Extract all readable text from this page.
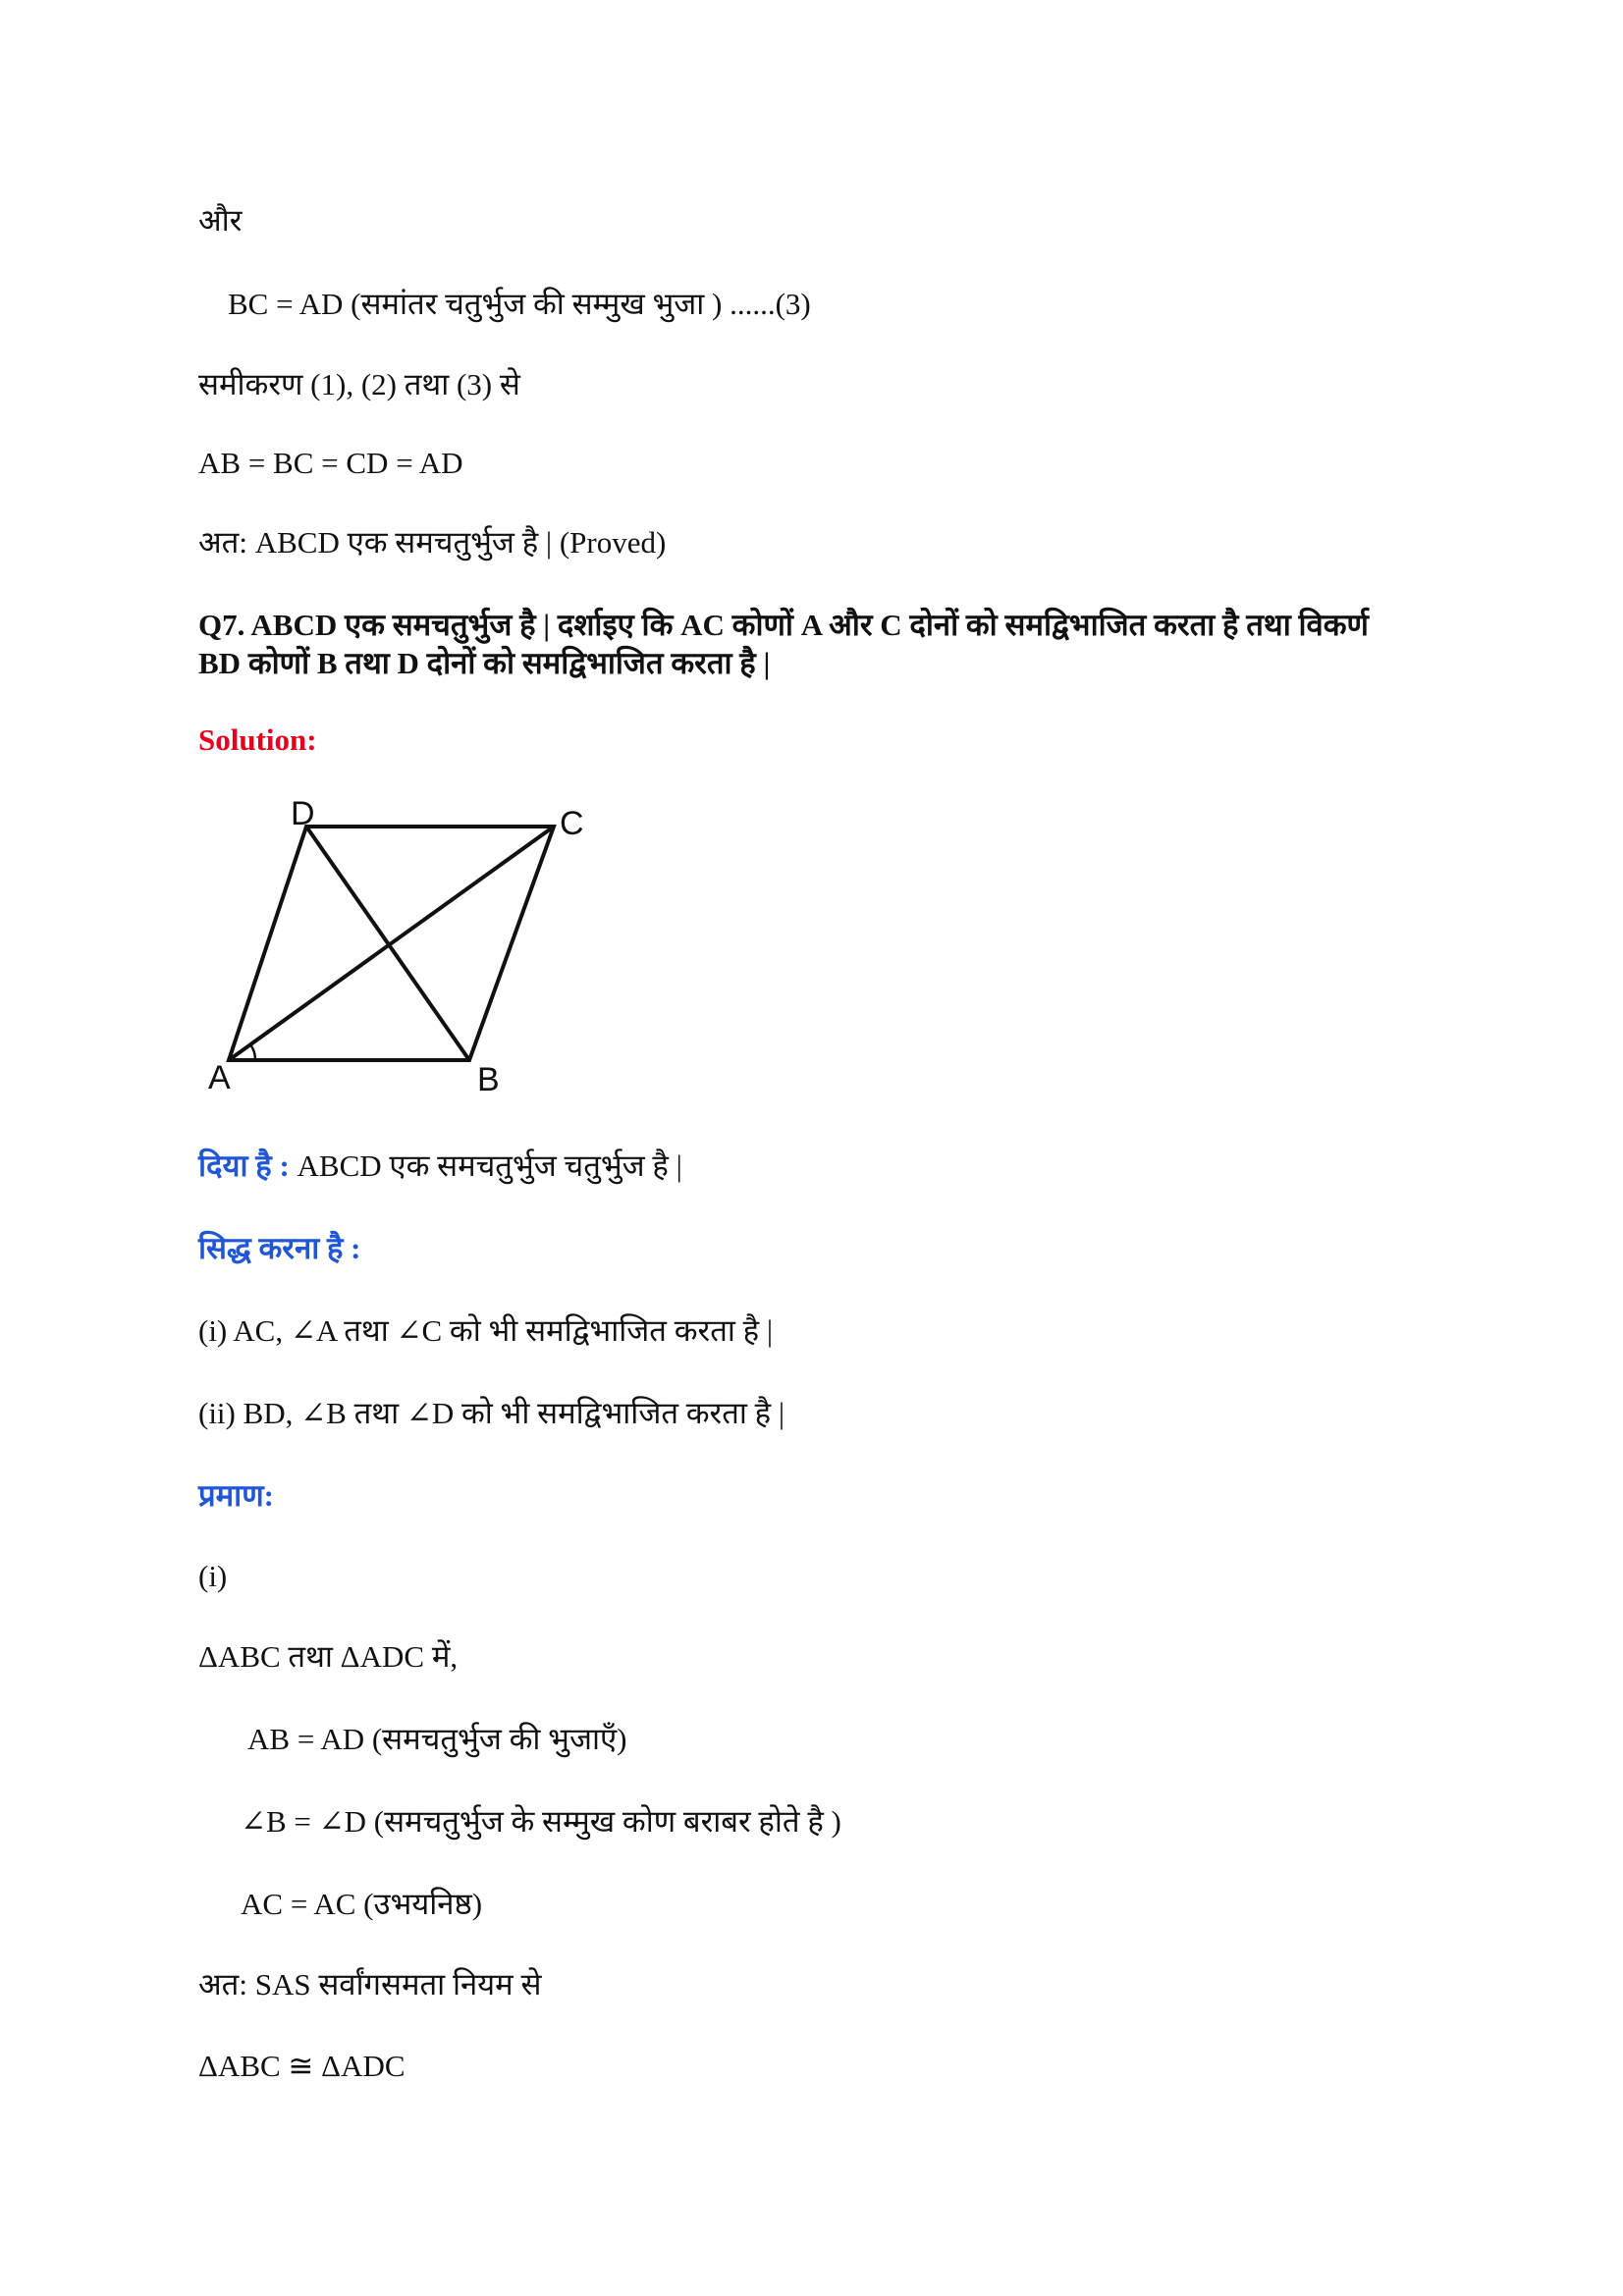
और
BC = AD (समांतर चतुर्भुज की सम्मुख भुजा ) ......(3)
समीकरण (1), (2) तथा (3) से
AB = BC = CD = AD
अत: ABCD एक समचतुर्भुज है | (Proved)
Q7. ABCD एक समचतुर्भुज है | दर्शाइए कि AC कोणों A और C दोनों को समद्विभाजित करता है तथा विकर्ण
BD कोणों B तथा D दोनों को समद्विभाजित करता है |
Solution:
D	C
A	B
दिया है : ABCD एक समचतुर्भुज चतुर्भुज है |
सिद्ध करना है :
(i) AC, ∠A तथा ∠C को भी समद्विभाजित करता है |
(ii) BD, ∠B तथा ∠D को भी समद्विभाजित करता है |
प्रमाण:
(i)
ΔABC तथा ΔADC में,
AB = AD (समचतुर्भुज की भुजाएँ)
∠B = ∠D (समचतुर्भुज के सम्मुख कोण बराबर होते है )
AC = AC (उभयनिष्ठ)
अत: SAS सर्वांगसमता नियम से
ΔABC ≅ ΔADC
